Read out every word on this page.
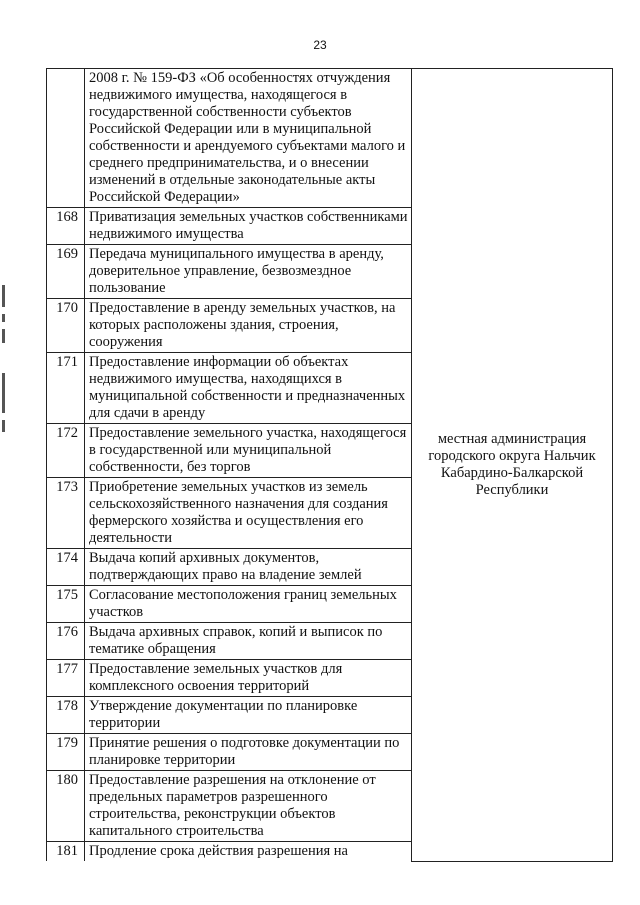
23
	2008 г. № 159-ФЗ «Об особенностях отчуждения недвижимого имущества, находящегося в государственной собственности субъектов Российской Федерации или в муниципальной собственности и арендуемого субъектами малого и среднего предпринимательства, и о внесении изменений в отдельные законодательные акты Российской Федерации»	местная администрация городского округа Нальчик Кабардино-Балкарской Республики
168	Приватизация земельных участков собственниками недвижимого имущества	
169	Передача муниципального имущества в аренду, доверительное управление, безвозмездное пользование	
170	Предоставление в аренду земельных участков, на которых расположены здания, строения, сооружения	
171	Предоставление информации об объектах недвижимого имущества, находящихся в муниципальной собственности и предназначенных для сдачи в аренду	
172	Предоставление земельного участка, находящегося в государственной или муниципальной собственности, без торгов	
173	Приобретение земельных участков из земель сельскохозяйственного назначения для создания фермерского хозяйства и осуществления его деятельности	
174	Выдача копий архивных документов, подтверждающих право на владение землей	
175	Согласование местоположения границ земельных участков	
176	Выдача архивных справок, копий и выписок по тематике обращения	
177	Предоставление земельных участков для комплексного освоения территорий	
178	Утверждение документации по планировке территории	
179	Принятие решения о подготовке документации по планировке территории	
180	Предоставление разрешения на отклонение от предельных параметров разрешенного строительства, реконструкции объектов капитального строительства	
181	Продление срока действия разрешения на	
